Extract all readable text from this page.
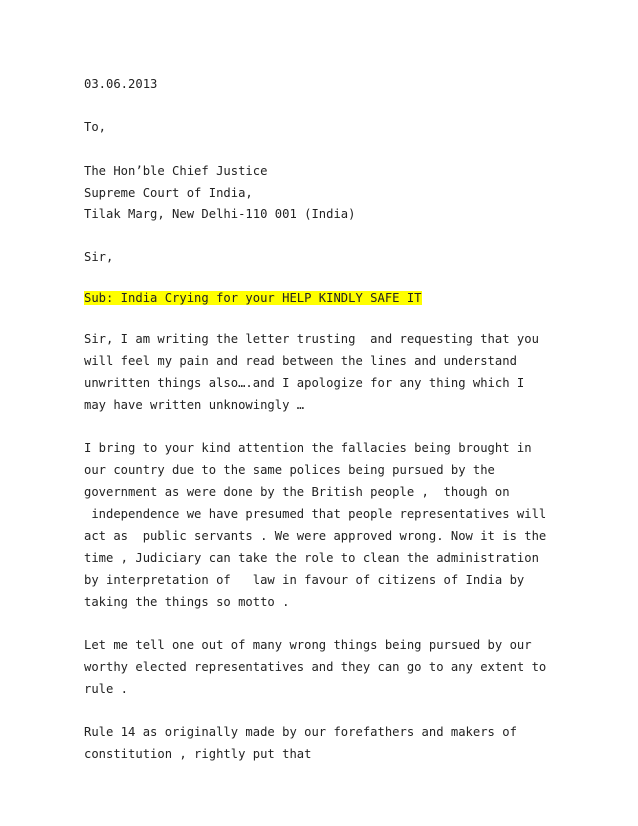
03.06.2013

To,

The Hon’ble Chief Justice

Supreme Court of India,

Tilak Marg, New Delhi-110 001 (India)

Sir,

Sub: India Crying for your HELP KINDLY SAFE IT

Sir, I am writing the letter trusting  and requesting that you

will feel my pain and read between the lines and understand

unwritten things also….and I apologize for any thing which I

may have written unknowingly …

I bring to your kind attention the fallacies being brought in

our country due to the same polices being pursued by the

government as were done by the British people ,  though on

independence we have presumed that people representatives will

act as  public servants . We were approved wrong. Now it is the

time , Judiciary can take the role to clean the administration

by interpretation of   law in favour of citizens of India by

taking the things so motto .

Let me tell one out of many wrong things being pursued by our

worthy elected representatives and they can go to any extent to

rule .

Rule 14 as originally made by our forefathers and makers of

constitution , rightly put that
